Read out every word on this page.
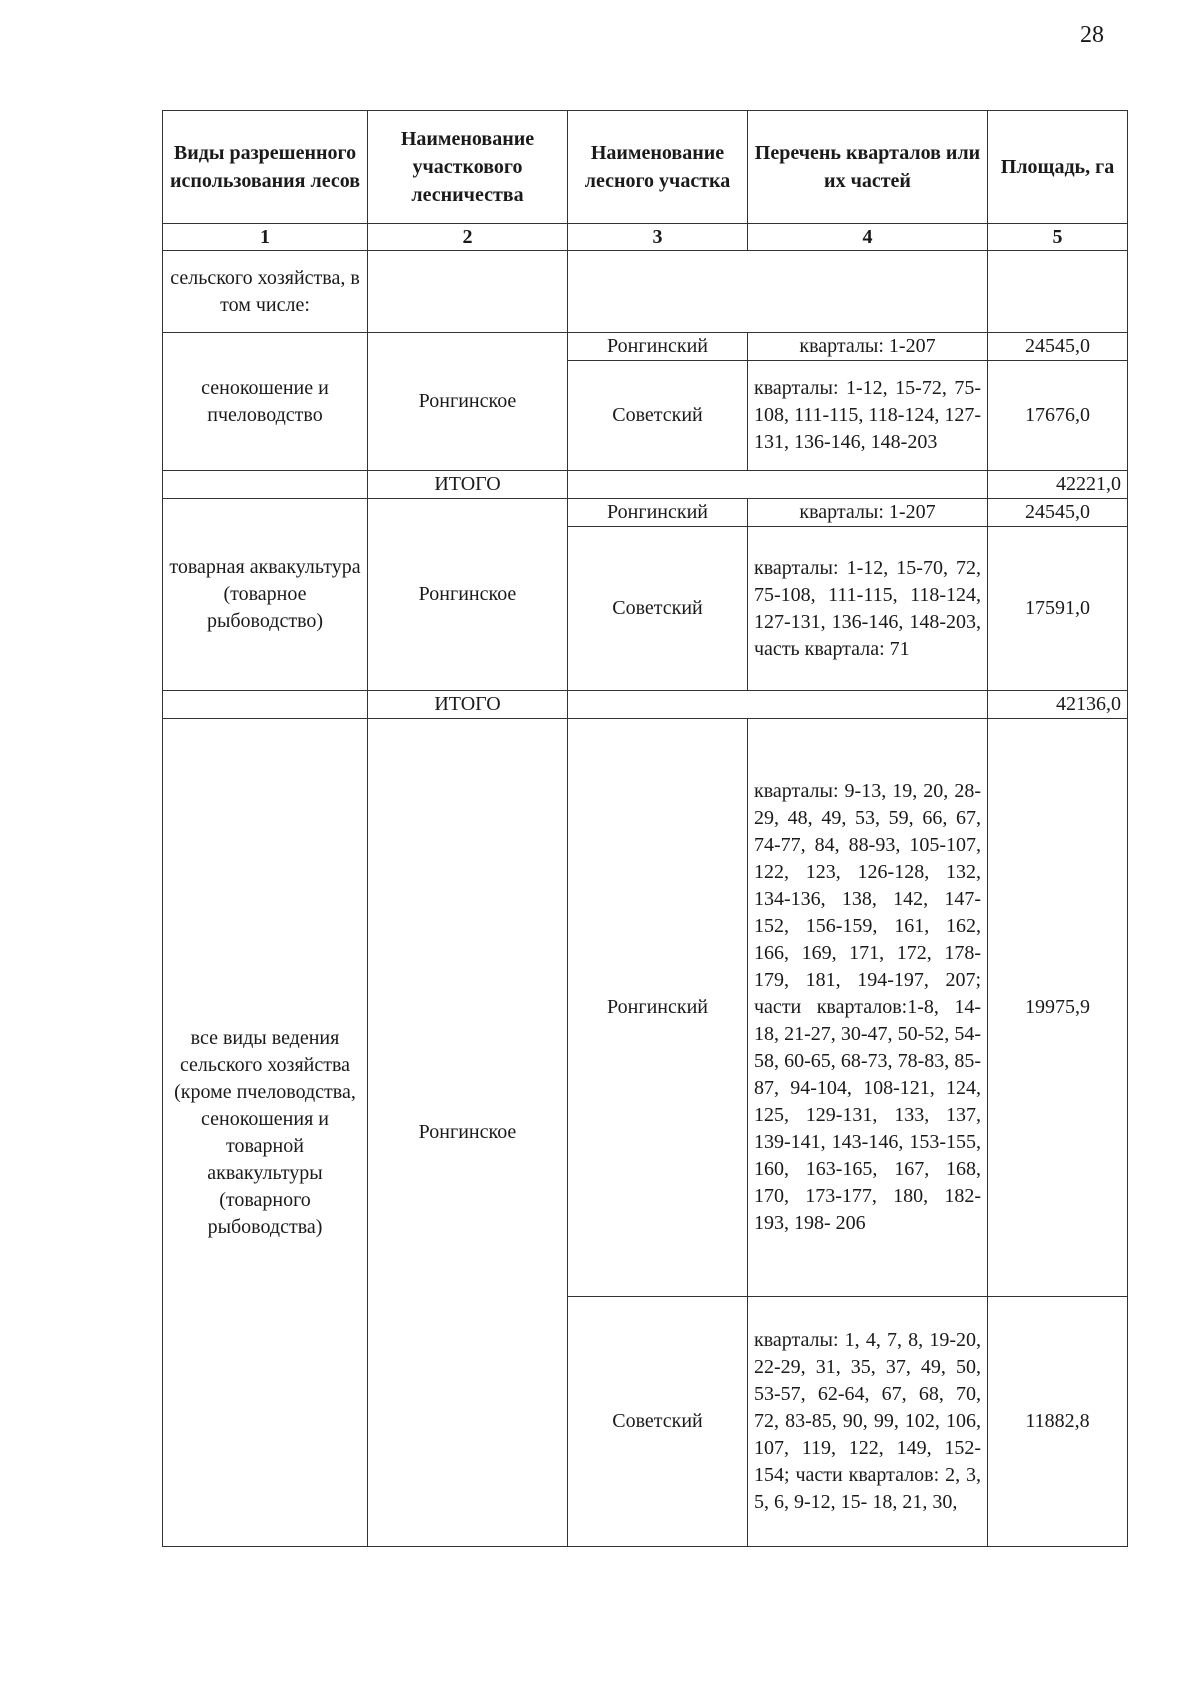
28
Виды разрешенного использования лесов	Наименование участкового лесничества	Наименование лесного участка	Перечень кварталов или их частей	Площадь, га
1	2	3	4	5
сельского хозяйства, в том числе:				
сенокошение и пчеловодство	Ронгинское	Ронгинский	кварталы: 1-207	24545,0
		Советский	кварталы: 1-12, 15-72, 75-108, 111-115, 118-124, 127-131, 136-146, 148-203	17676,0
	ИТОГО			42221,0
товарная аквакультура (товарное рыбоводство)	Ронгинское	Ронгинский	кварталы: 1-207	24545,0
		Советский	кварталы: 1-12, 15-70, 72, 75-108, 111-115, 118-124, 127-131, 136-146, 148-203, часть квартала: 71	17591,0
	ИТОГО			42136,0
все виды ведения сельского хозяйства (кроме пчеловодства, сенокошения и товарной аквакультуры (товарного рыбоводства)	Ронгинское	Ронгинский	кварталы: 9-13, 19, 20, 28-29, 48, 49, 53, 59, 66, 67, 74-77, 84, 88-93, 105-107, 122, 123, 126-128, 132, 134-136, 138, 142, 147-152, 156-159, 161, 162, 166, 169, 171, 172, 178-179, 181, 194-197, 207; части кварталов:1-8, 14-18, 21-27, 30-47, 50-52, 54-58, 60-65, 68-73, 78-83, 85-87, 94-104, 108-121, 124, 125, 129-131, 133, 137, 139-141, 143-146, 153-155, 160, 163-165, 167, 168, 170, 173-177, 180, 182-193, 198- 206	19975,9
		Советский	кварталы: 1, 4, 7, 8, 19-20, 22-29, 31, 35, 37, 49, 50, 53-57, 62-64, 67, 68, 70, 72, 83-85, 90, 99, 102, 106, 107, 119, 122, 149, 152-154; части кварталов: 2, 3, 5, 6, 9-12, 15- 18, 21, 30,	11882,8
